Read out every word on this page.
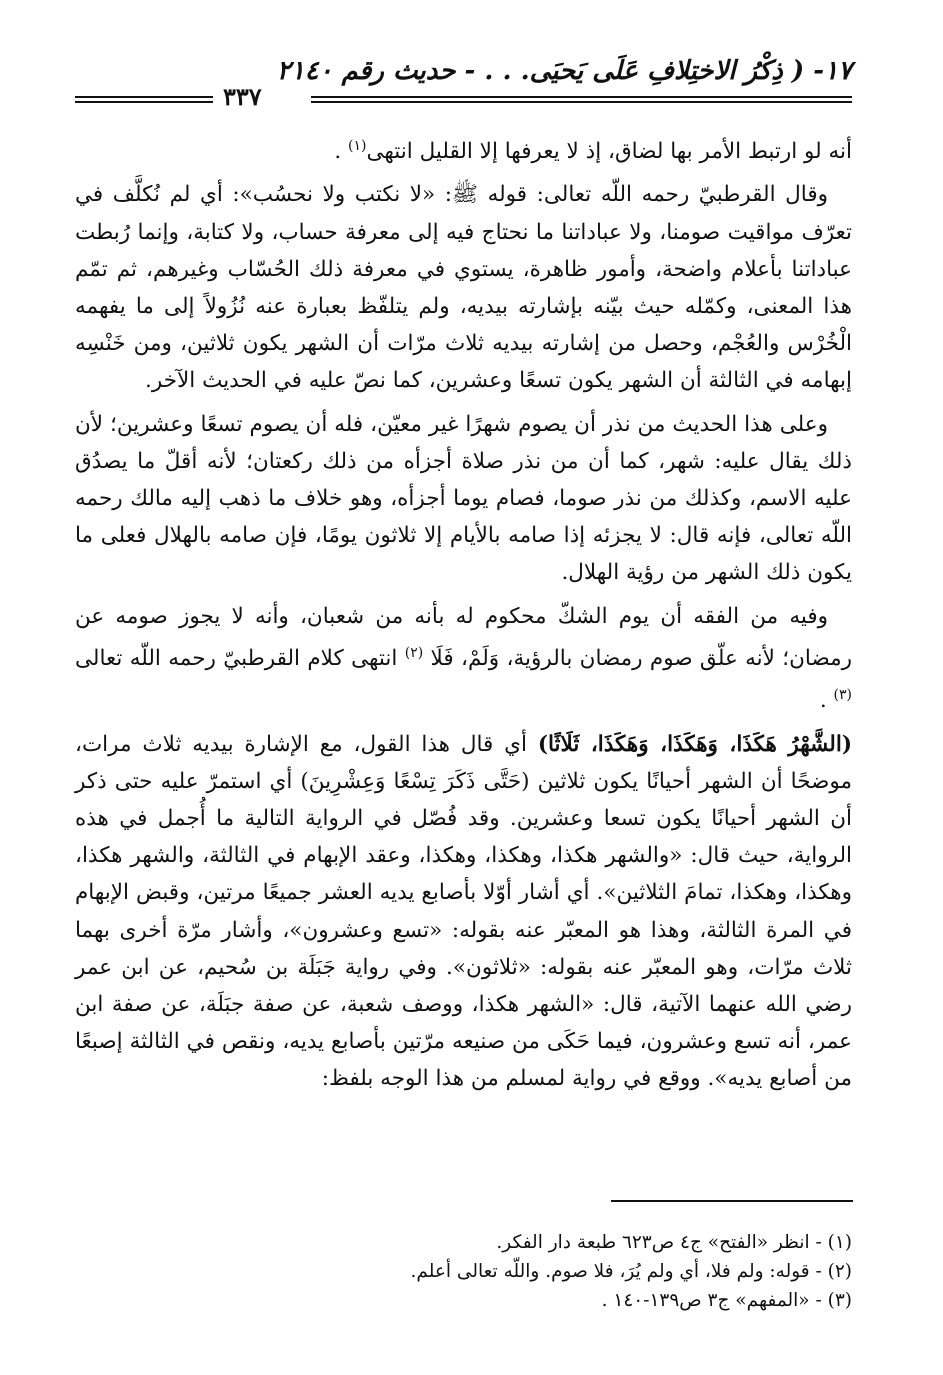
١٧- ( ذِكْرُ الاختِلافِ عَلَى يَحيَى. . . - حديث رقم ٢١٤٠
٣٣٧

أنه لو ارتبط الأمر بها لضاق، إذ لا يعرفها إلا القليل انتهى$^{(١)}$ .

وقال القرطبيّ رحمه اللّه تعالى: قوله ﷺ: «لا نكتب ولا نحسُب»: أي لم نُكلَّف في تعرّف مواقيت صومنا، ولا عباداتنا ما نحتاج فيه إلى معرفة حساب، ولا كتابة، وإنما رُبطت عباداتنا بأعلام واضحة، وأمور ظاهرة، يستوي في معرفة ذلك الحُسّاب وغيرهم، ثم تمّم هذا المعنى، وكمّله حيث بيّنه بإشارته بيديه، ولم يتلفّظ بعبارة عنه نُزُولاً إلى ما يفهمه الْخُرْس والعُجْم، وحصل من إشارته بيديه ثلاث مرّات أن الشهر يكون ثلاثين، ومن خَنْسِه إبهامه في الثالثة أن الشهر يكون تسعًا وعشرين، كما نصّ عليه في الحديث الآخر.

وعلى هذا الحديث من نذر أن يصوم شهرًا غير معيّن، فله أن يصوم تسعًا وعشرين؛ لأن ذلك يقال عليه: شهر، كما أن من نذر صلاة أجزأه من ذلك ركعتان؛ لأنه أقلّ ما يصدُق عليه الاسم، وكذلك من نذر صوما، فصام يوما أجزأه، وهو خلاف ما ذهب إليه مالك رحمه اللّه تعالى، فإنه قال: لا يجزئه إذا صامه بالأيام إلا ثلاثون يومًا، فإن صامه بالهلال فعلى ما يكون ذلك الشهر من رؤية الهلال.

وفيه من الفقه أن يوم الشكّ محكوم له بأنه من شعبان، وأنه لا يجوز صومه عن رمضان؛ لأنه علّق صوم رمضان بالرؤية، وَلَمْ، فَلَا $^{(٢)}$ انتهى كلام القرطبيّ رحمه اللّه تعالى $^{(٣)}$ .

(الشَّهْرُ هَكَذَا، وَهَكَذَا، وَهَكَذَا، ثَلَاثًا) أي قال هذا القول، مع الإشارة بيديه ثلاث مرات، موضحًا أن الشهر أحيانًا يكون ثلاثين (حَتَّى ذَكَرَ تِسْعًا وَعِشْرِينَ) أي استمرّ عليه حتى ذكر أن الشهر أحيانًا يكون تسعا وعشرين. وقد فُصّل في الرواية التالية ما أُجمل في هذه الرواية، حيث قال: «والشهر هكذا، وهكذا، وهكذا، وعقد الإبهام في الثالثة، والشهر هكذا، وهكذا، وهكذا، تمامَ الثلاثين». أي أشار أوّلا بأصابع يديه العشر جميعًا مرتين، وقبض الإبهام في المرة الثالثة، وهذا هو المعبّر عنه بقوله: «تسع وعشرون»، وأشار مرّة أخرى بهما ثلاث مرّات، وهو المعبّر عنه بقوله: «ثلاثون». وفي رواية جَبَلَة بن سُحيم، عن ابن عمر رضي الله عنهما الآتية، قال: «الشهر هكذا، ووصف شعبة، عن صفة جبَلَة، عن صفة ابن عمر، أنه تسع وعشرون، فيما حَكَى من صنيعه مرّتين بأصابع يديه، ونقص في الثالثة إصبعًا من أصابع يديه». ووقع في رواية لمسلم من هذا الوجه بلفظ:

(١) - انظر «الفتح» ج٤ ص٦٢٣ طبعة دار الفكر.
(٢) - قوله: ولم فلا، أي ولم يُرَ، فلا صوم. واللّه تعالى أعلم.
(٣) - «المفهم» ج٣ ص١٣٩-١٤٠ .
